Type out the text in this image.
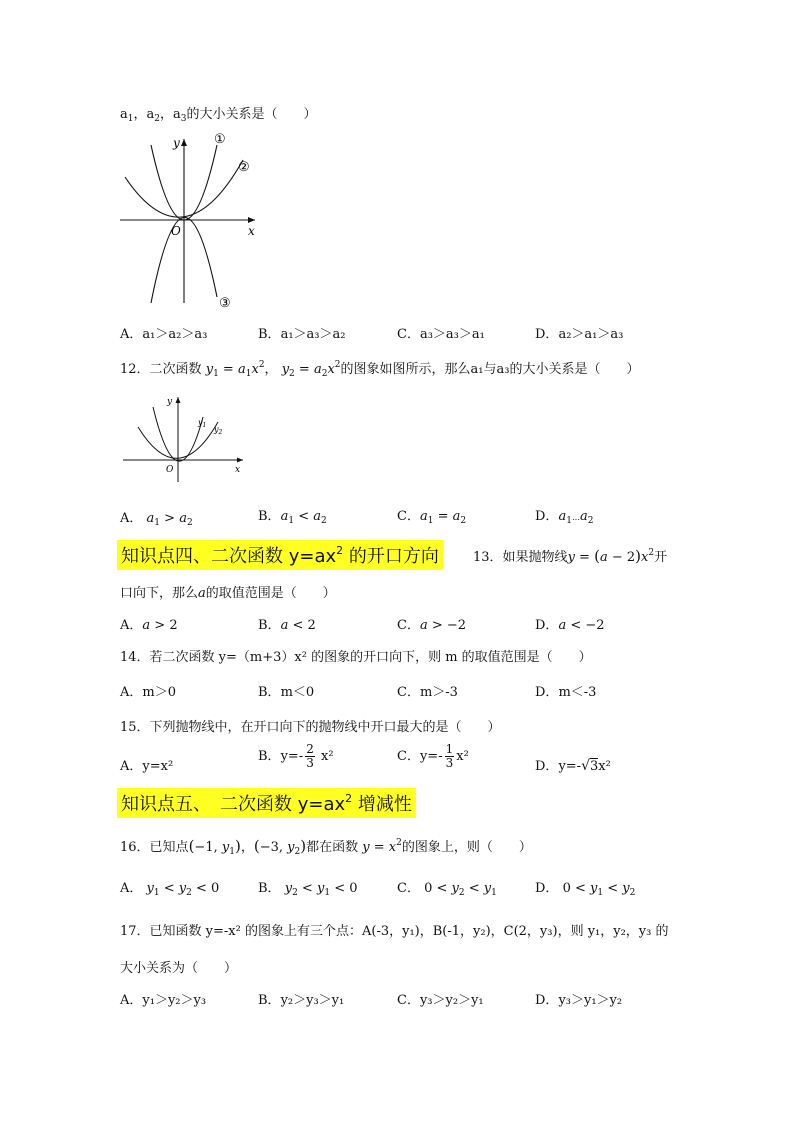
$a_1$，$a_2$，$a_3$的大小关系是（　　）
y
x
O
①
②
③
A．a₁＞a₂＞a₃	B．a₁＞a₃＞a₂	C．a₃＞a₃＞a₁	D．a₂＞a₁＞a₃
12．二次函数 $y_1 = a_1x^2$， $y_2 = a_2x^2$的图象如图所示，那么a₁与a₃的大小关系是（　　）
y
x
O
$y_1$ $y_2$
A． $a_1 > a_2$	B．$a_1 < a_2$	C．$a_1 = a_2$	D．$a_1\dots a_2$
知识点四、二次函数 $y=ax^2$ 的开口方向	13．如果抛物线$y = (a - 2)x^2$开
口向下，那么a的取值范围是（　　）
A．a > 2	B．a < 2	C．a > −2	D．a < −2
14．若二次函数 y=（m+3）x² 的图象的开口向下，则 m 的取值范围是（　　）
A．m＞0	B．m＜0	C．m＞-3	D．m＜-3
15．下列抛物线中，在开口向下的抛物线中开口最大的是（　　）
A．y=x²
B．$y=- \frac{2}{3} x^2$	C．$y=- \frac{1}{3} x^2$
D．y=-√3x²
知识点五、　二次函数 $y=ax^2$ 增减性
16．已知点(−1, $y_1$)，(−3, $y_2$)都在函数 $y = x^2$的图象上，则（　　）
A． $y_1 < y_2 < 0$	B． $y_2 < y_1 < 0$	C． $0 < y_2 < y_1$	D． $0 < y_1 < y_2$
17．已知函数 y=-x² 的图象上有三个点：A(-3，y₁)，B(-1，y₂)，C(2，y₃)，则 y₁，y₂，y₃ 的
大小关系为（　　）
A．y₁＞y₂＞y₃	B．y₂＞y₃＞y₁	C．y₃＞y₂＞y₁	D．y₃＞y₁＞y₂
